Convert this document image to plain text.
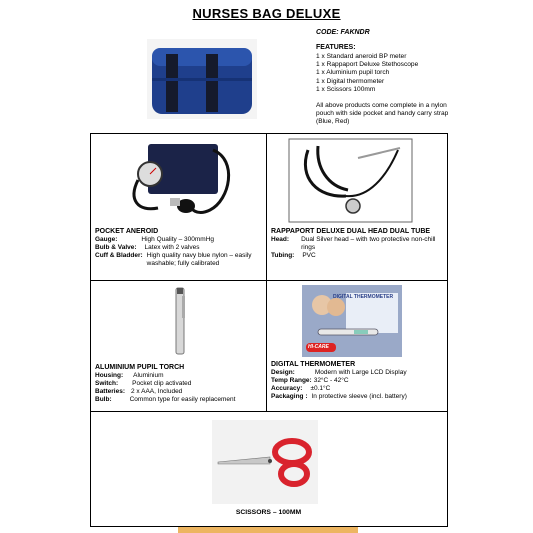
NURSES BAG DELUXE
CODE: FAKNDR
FEATURES:
1 x Standard aneroid BP meter
1 x Rappaport Deluxe Stethoscope
1 x Aluminium pupil torch
1 x Digital thermometer
1 x Scissors 100mm
All above products come complete in a nylon pouch with side pocket and handy carry strap (Blue, Red)
POCKET ANEROID
Gauge:	High Quality – 300mmHg
Bulb & Valve:	Latex with 2 valves
Cuff & Bladder: High quality navy blue nylon – easily washable; fully calibrated
RAPPAPORT DELUXE DUAL HEAD DUAL TUBE
Head:	Dual Silver head – with two protective non-chill rings
Tubing:	PVC
ALUMINIUM PUPIL TORCH
Housing:	Aluminium
Switch:	Pocket clip activated
Batteries: 2 x AAA, Included
Bulb:	Common type for easily replacement
DIGITAL THERMOMETER
HI-CARE
DIGITAL THERMOMETER
Design:	Modern with Large LCD Display
Temp Range: 32°C - 42°C
Accuracy:	±0.1°C
Packaging : In protective sleeve (incl. battery)
SCISSORS – 100MM
